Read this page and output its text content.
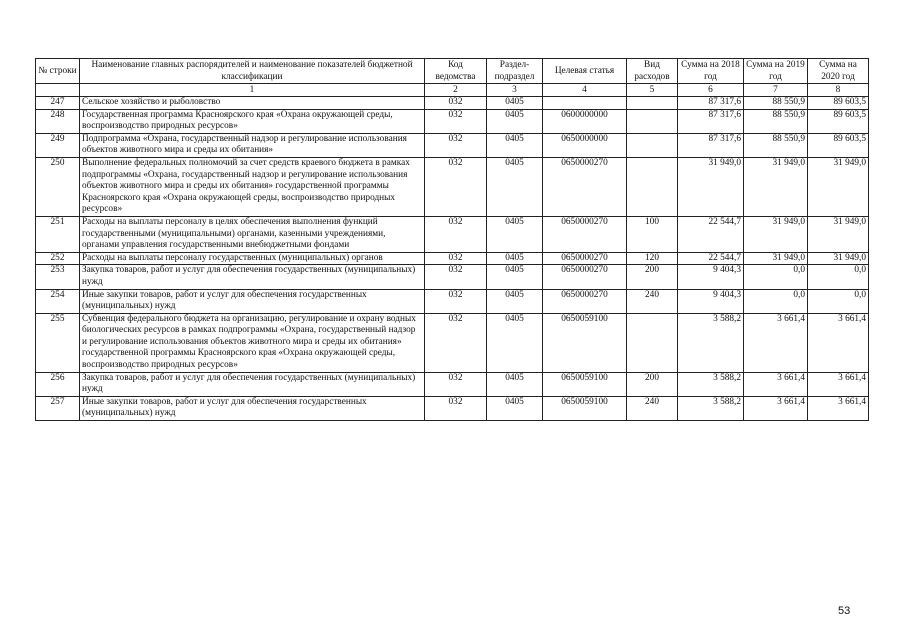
№ строки	Наименование главных распорядителей и наименование показателей бюджетной классификации	Код ведомства	Раздел-подраздел	Целевая статья	Вид расходов	Сумма на 2018 год	Сумма на 2019 год	Сумма на 2020 год
	1	2	3	4	5	6	7	8
247	Сельское хозяйство и рыболовство	032	0405			87 317,6	88 550,9	89 603,5
248	Государственная программа Красноярского края «Охрана окружающей среды, воспроизводство природных ресурсов»	032	0405	0600000000		87 317,6	88 550,9	89 603,5
249	Подпрограмма «Охрана, государственный надзор и регулирование использования объектов животного мира и среды их обитания»	032	0405	0650000000		87 317,6	88 550,9	89 603,5
250	Выполнение федеральных полномочий за счет средств краевого бюджета в рамках подпрограммы «Охрана, государственный надзор и регулирование использования объектов животного мира и среды их обитания» государственной программы Красноярского края «Охрана окружающей среды, воспроизводство природных ресурсов»	032	0405	0650000270		31 949,0	31 949,0	31 949,0
251	Расходы на выплаты персоналу в целях обеспечения выполнения функций государственными (муниципальными) органами, казенными учреждениями, органами управления государственными внебюджетными фондами	032	0405	0650000270	100	22 544,7	31 949,0	31 949,0
252	Расходы на выплаты персоналу государственных (муниципальных) органов	032	0405	0650000270	120	22 544,7	31 949,0	31 949,0
253	Закупка товаров, работ и услуг для обеспечения государственных (муниципальных) нужд	032	0405	0650000270	200	9 404,3	0,0	0,0
254	Иные закупки товаров, работ и услуг для обеспечения государственных (муниципальных) нужд	032	0405	0650000270	240	9 404,3	0,0	0,0
255	Субвенция федерального бюджета на организацию, регулирование и охрану водных биологических ресурсов в рамках подпрограммы «Охрана, государственный надзор и регулирование использования объектов животного мира и среды их обитания» государственной программы Красноярского края «Охрана окружающей среды, воспроизводство природных ресурсов»	032	0405	0650059100		3 588,2	3 661,4	3 661,4
256	Закупка товаров, работ и услуг для обеспечения государственных (муниципальных) нужд	032	0405	0650059100	200	3 588,2	3 661,4	3 661,4
257	Иные закупки товаров, работ и услуг для обеспечения государственных (муниципальных) нужд	032	0405	0650059100	240	3 588,2	3 661,4	3 661,4
53
